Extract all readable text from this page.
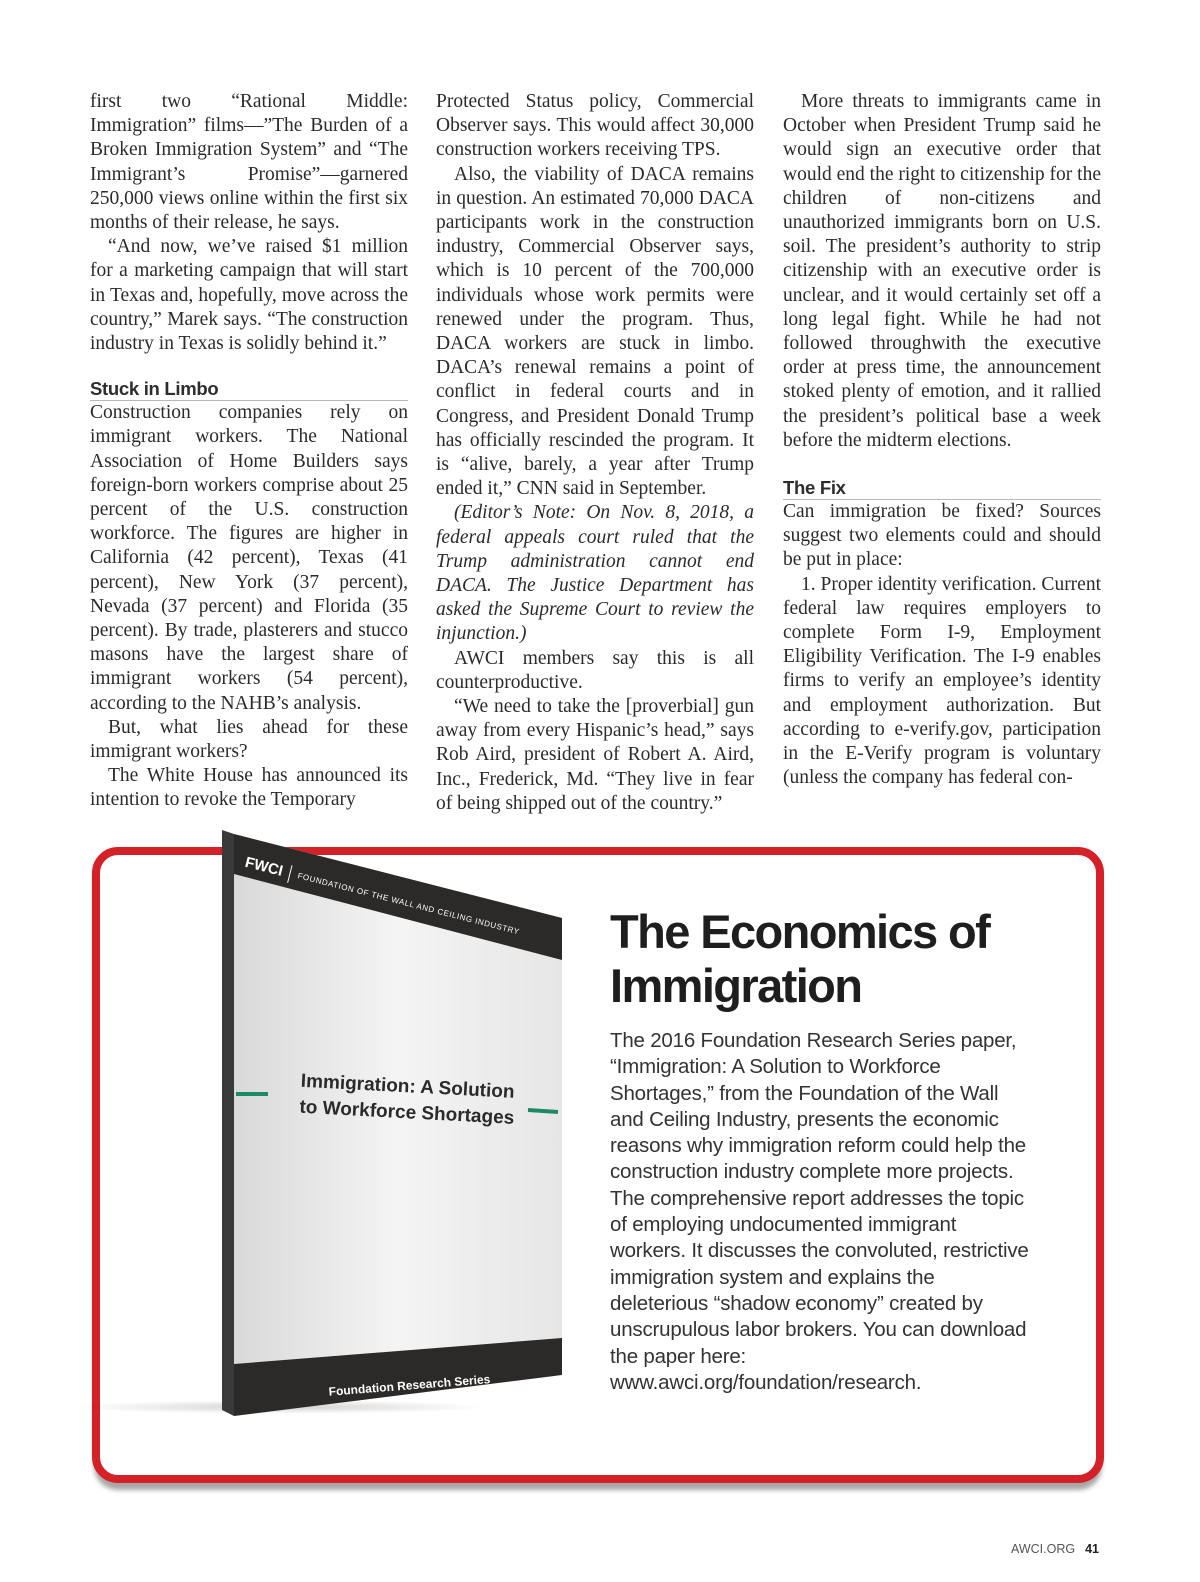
first two “Rational Middle: Immigration” films—”The Burden of a Broken Immigration System” and “The Immigrant’s Promise”—garnered 250,000 views online within the first six months of their release, he says.

“And now, we’ve raised $1 million for a marketing campaign that will start in Texas and, hopefully, move across the country,” Marek says. “The construction industry in Texas is solidly behind it.”

Stuck in Limbo

Construction companies rely on immigrant workers. The National Association of Home Builders says foreign-born workers comprise about 25 percent of the U.S. construction workforce. The figures are higher in California (42 percent), Texas (41 percent), New York (37 percent), Nevada (37 percent) and Florida (35 percent). By trade, plasterers and stucco masons have the largest share of immigrant workers (54 percent), according to the NAHB’s analysis.

But, what lies ahead for these immigrant workers?

The White House has announced its intention to revoke the Temporary

Protected Status policy, Commercial Observer says. This would affect 30,000 construction workers receiving TPS.

Also, the viability of DACA remains in question. An estimated 70,000 DACA participants work in the construction industry, Commercial Observer says, which is 10 percent of the 700,000 individuals whose work permits were renewed under the program. Thus, DACA workers are stuck in limbo. DACA’s renewal remains a point of conflict in federal courts and in Congress, and President Donald Trump has officially rescinded the program. It is “alive, barely, a year after Trump ended it,” CNN said in September.

(Editor’s Note: On Nov. 8, 2018, a federal appeals court ruled that the Trump administration cannot end DACA. The Justice Department has asked the Supreme Court to review the injunction.)

AWCI members say this is all counterproductive.

“We need to take the [proverbial] gun away from every Hispanic’s head,” says Rob Aird, president of Robert A. Aird, Inc., Frederick, Md. “They live in fear of being shipped out of the country.”

More threats to immigrants came in October when President Trump said he would sign an executive order that would end the right to citizenship for the children of non-citizens and unauthorized immigrants born on U.S. soil. The president’s authority to strip citizenship with an executive order is unclear, and it would certainly set off a long legal fight. While he had not followed throughwith the executive order at press time, the announcement stoked plenty of emotion, and it rallied the president’s political base a week before the midterm elections.

The Fix

Can immigration be fixed? Sources suggest two elements could and should be put in place:

1. Proper identity verification. Current federal law requires employers to complete Form I-9, Employment Eligibility Verification. The I-9 enables firms to verify an employee’s identity and employment authorization. But according to e-verify.gov, participation in the E-Verify program is voluntary (unless the company has federal con-

FWCI
FOUNDATION OF THE WALL AND CEILING INDUSTRY
Immigration: A Solution
to Workforce Shortages
Foundation Research Series
The Economics of Immigration

The 2016 Foundation Research Series paper, “Immigration: A Solution to Workforce Shortages,” from the Foundation of the Wall and Ceiling Industry, presents the economic reasons why immigration reform could help the construction industry complete more projects. The comprehensive report addresses the topic of employing undocumented immigrant workers. It discusses the convoluted, restrictive immigration system and explains the deleterious “shadow economy” created by unscrupulous labor brokers. You can download the paper here: www.awci.org/foundation/research.

AWCI.ORG 41
